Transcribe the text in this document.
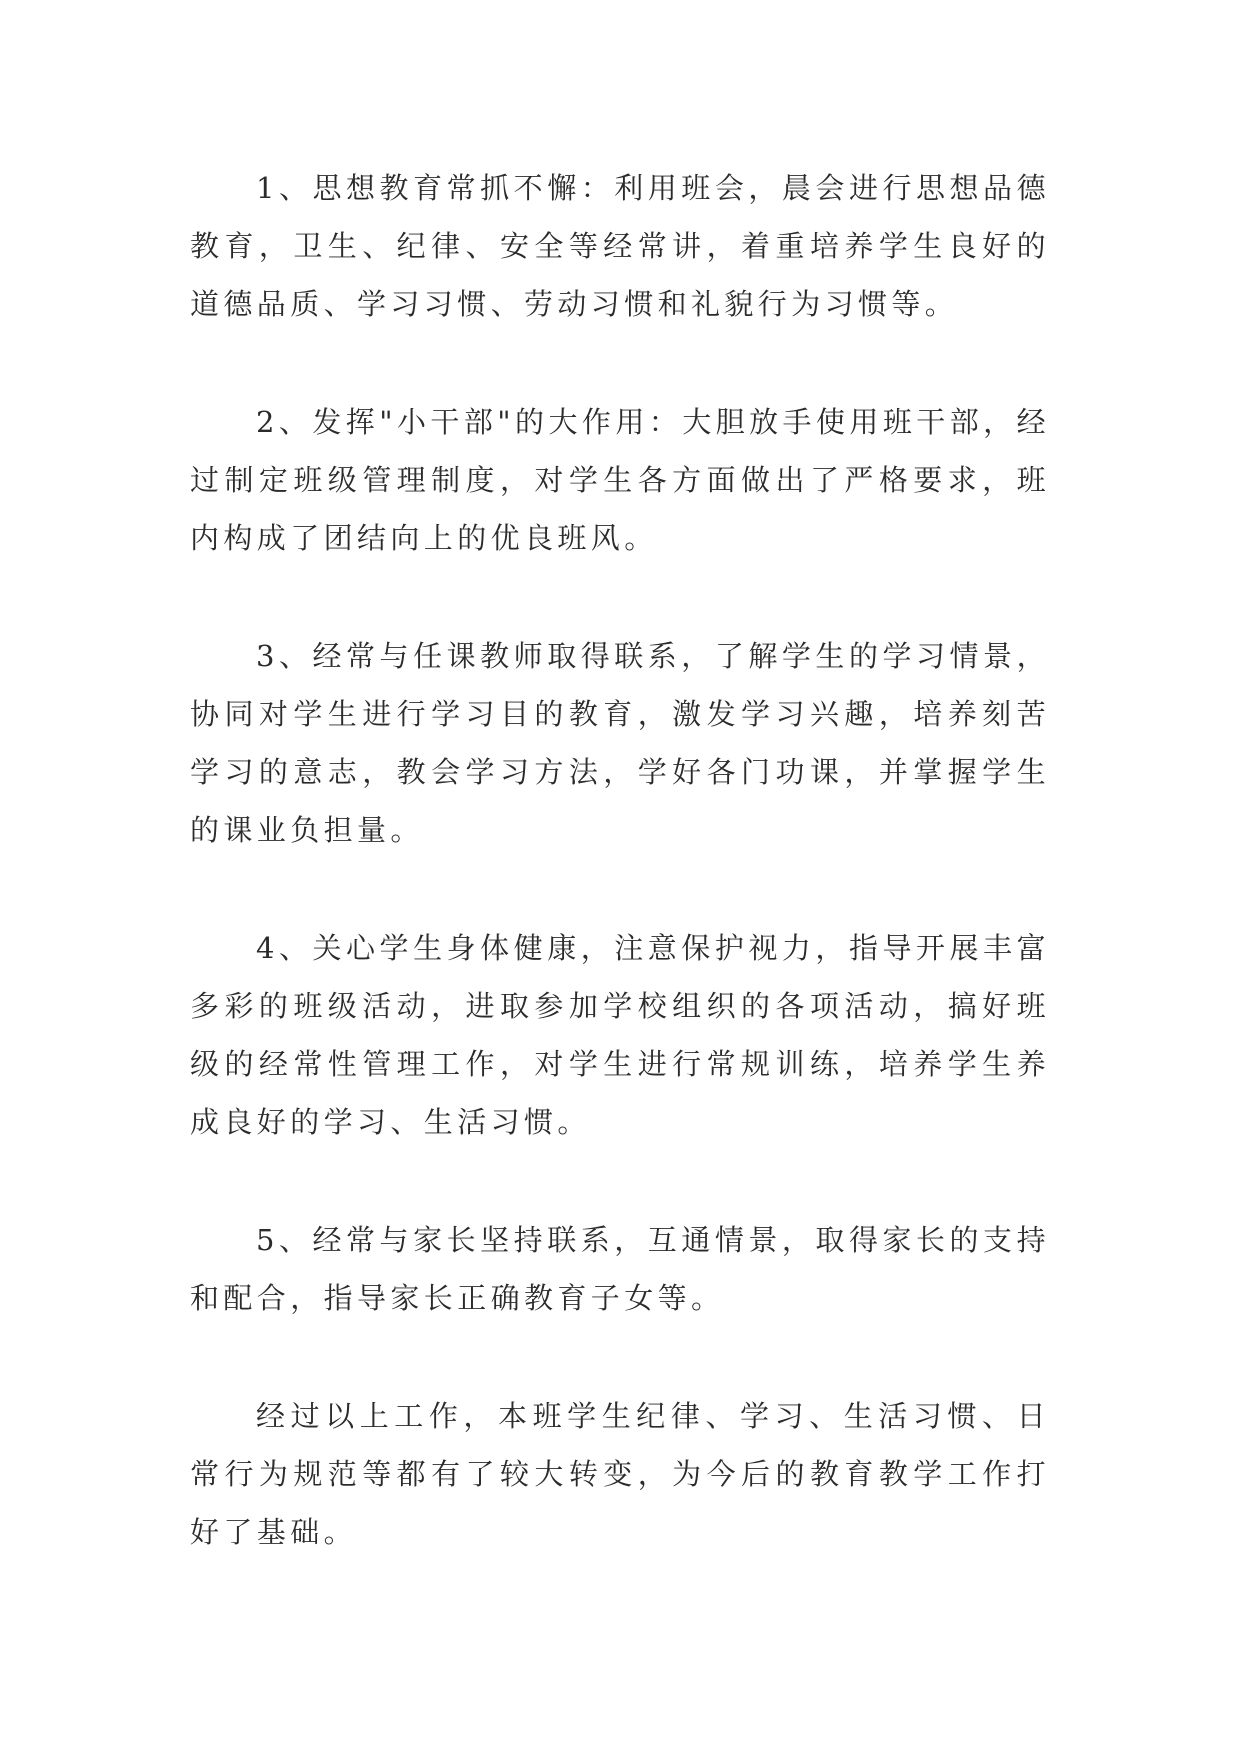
1、思想教育常抓不懈：利用班会，晨会进行思想品德教育，卫生、纪律、安全等经常讲，着重培养学生良好的道德品质、学习习惯、劳动习惯和礼貌行为习惯等。

2、发挥"小干部"的大作用：大胆放手使用班干部，经过制定班级管理制度，对学生各方面做出了严格要求，班内构成了团结向上的优良班风。

3、经常与任课教师取得联系，了解学生的学习情景，协同对学生进行学习目的教育，激发学习兴趣，培养刻苦学习的意志，教会学习方法，学好各门功课，并掌握学生的课业负担量。

4、关心学生身体健康，注意保护视力，指导开展丰富多彩的班级活动，进取参加学校组织的各项活动，搞好班级的经常性管理工作，对学生进行常规训练，培养学生养成良好的学习、生活习惯。

5、经常与家长坚持联系，互通情景，取得家长的支持和配合，指导家长正确教育子女等。

经过以上工作，本班学生纪律、学习、生活习惯、日常行为规范等都有了较大转变，为今后的教育教学工作打好了基础。
